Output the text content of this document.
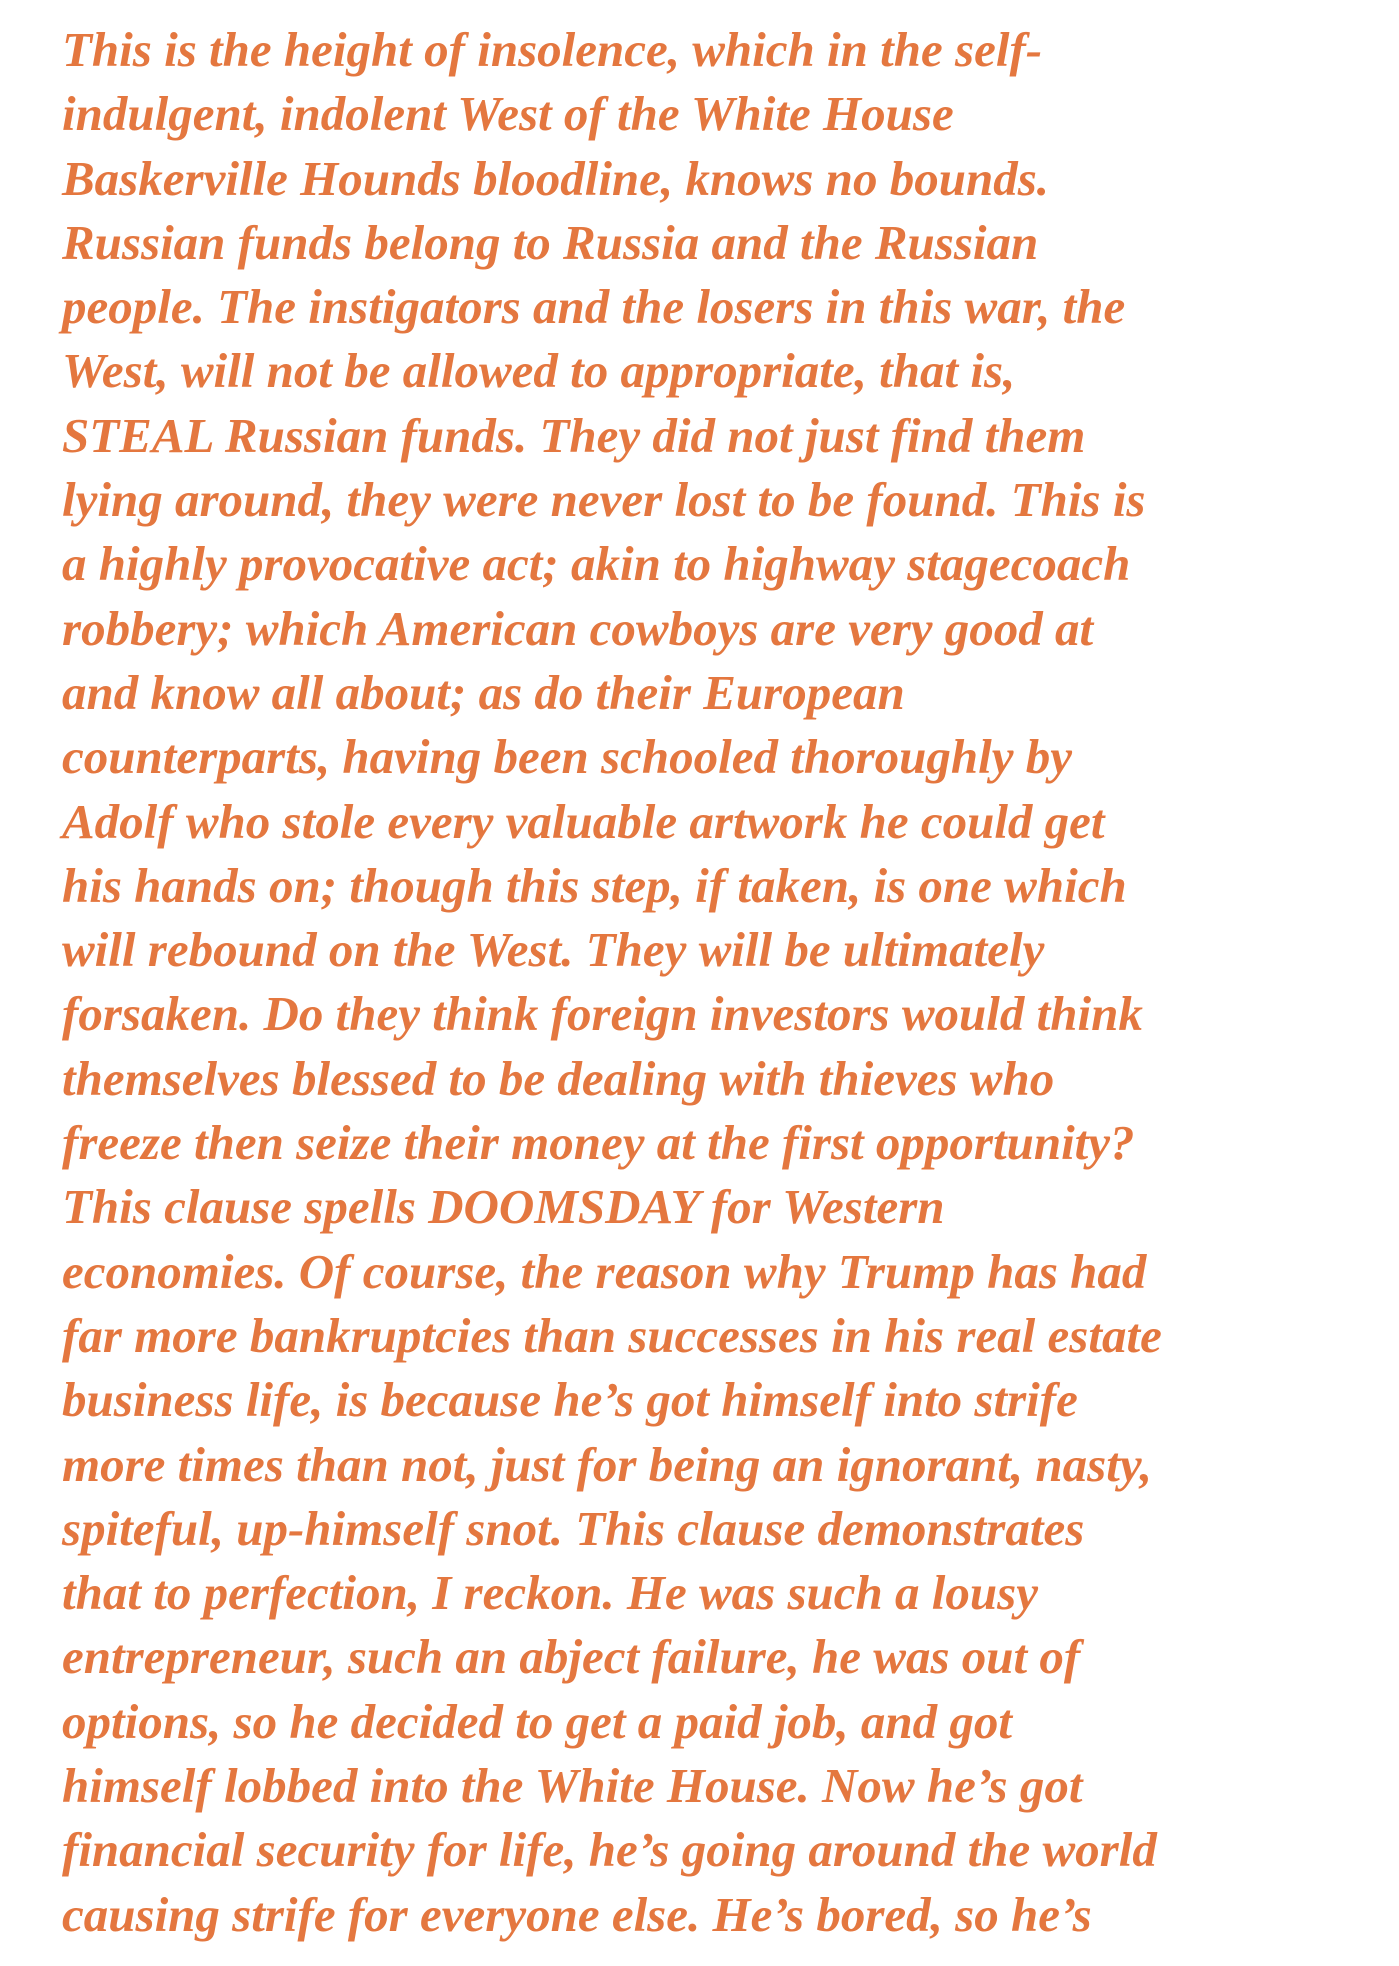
This is the height of insolence, which in the self-
indulgent, indolent West of the White House
Baskerville Hounds bloodline, knows no bounds.
Russian funds belong to Russia and the Russian
people. The instigators and the losers in this war, the
West, will not be allowed to appropriate, that is,
STEAL Russian funds. They did not just find them
lying around, they were never lost to be found. This is
a highly provocative act; akin to highway stagecoach
robbery; which American cowboys are very good at
and know all about; as do their European
counterparts, having been schooled thoroughly by
Adolf who stole every valuable artwork he could get
his hands on; though this step, if taken, is one which
will rebound on the West. They will be ultimately
forsaken. Do they think foreign investors would think
themselves blessed to be dealing with thieves who
freeze then seize their money at the first opportunity?
This clause spells DOOMSDAY for Western
economies. Of course, the reason why Trump has had
far more bankruptcies than successes in his real estate
business life, is because he’s got himself into strife
more times than not, just for being an ignorant, nasty,
spiteful, up-himself snot. This clause demonstrates
that to perfection, I reckon. He was such a lousy
entrepreneur, such an abject failure, he was out of
options, so he decided to get a paid job, and got
himself lobbed into the White House. Now he’s got
financial security for life, he’s going around the world
causing strife for everyone else. He’s bored, so he’s
